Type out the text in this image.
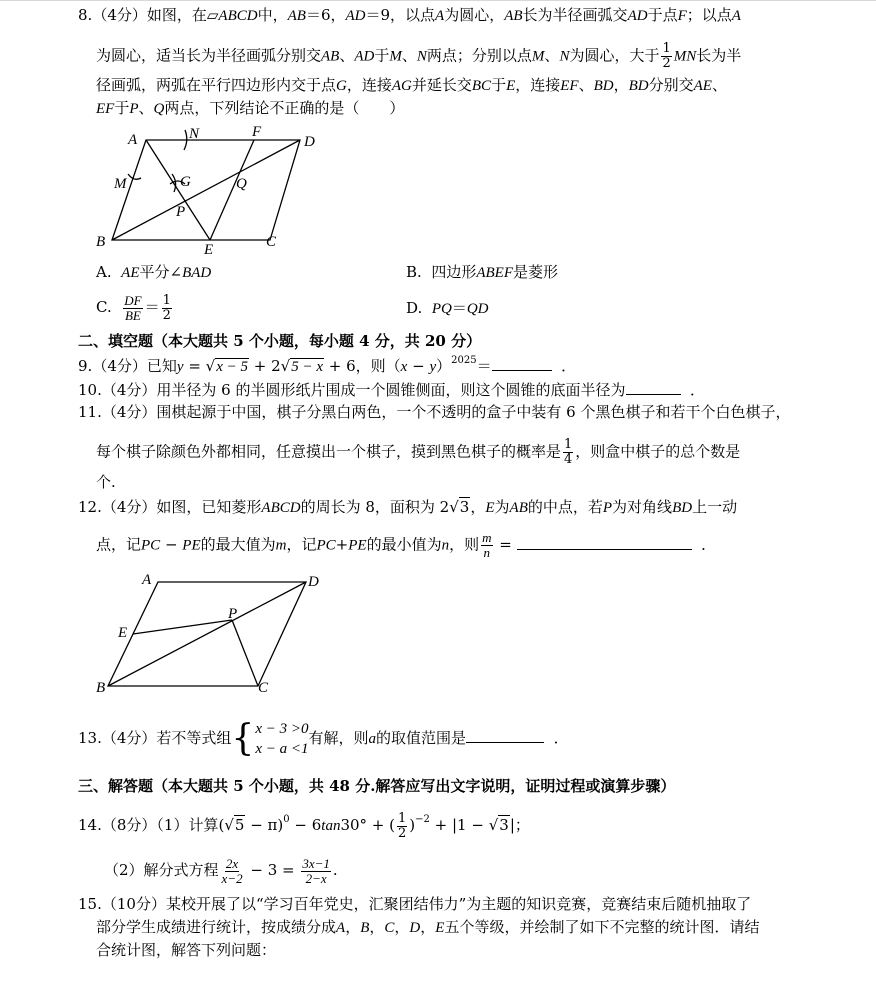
8.（4分）如图，在▱ABCD中，AB＝6，AD＝9，以点A为圆心，AB长为半径画弧交AD于点F；以点A
为圆心，适当长为半径画弧分别交AB、AD于M、N两点；分别以点M、N为圆心，大于 $\frac{1}{2}$ MN长为半
径画弧，两弧在平行四边形内交于点G，连接AG并延长交BC于E，连接EF、BD，BD分别交AE、
EF于P、Q两点，下列结论不正确的是（　　）
A	N	F
D
M	G	Q
P
B	E	C
A. AE平分∠BAD	B. 四边形ABEF是菱形
C. $\frac{DF}{BE} = \frac{1}{2}$	D. PQ＝QD
二、填空题（本大题共 5 个小题，每小题 4 分，共 20 分）
9.（4分）已知y = √x − 5 + 2√5 − x + 6，则$(x - y)^{2025}=$	．
10.（4分）用半径为 6 的半圆形纸片围成一个圆锥侧面，则这个圆锥的底面半径为	．
11.（4分）围棋起源于中国，棋子分黑白两色，一个不透明的盒子中装有 6 个黑色棋子和若干个白色棋子，
每个棋子除颜色外都相同，任意摸出一个棋子，摸到黑色棋子的概率是 $\frac{1}{4}$ ，则盒中棋子的总个数是
个.
12.（4分）如图，已知菱形ABCD的周长为 8，面积为 2√3，E为AB的中点，若P为对角线BD上一动
点，记PC − PE的最大值为m，记PC+PE的最小值为n，则 $\frac{m}{n}$ =	．
A	D
P
E
B	C
13.（4分）若不等式组 { x − 3 >0
x − a <1
有解，则a的取值范围是	．
三、解答题（本大题共 5 个小题，共 48 分.解答应写出文字说明，证明过程或演算步骤）
14.（8分）（1）计算$(√5 - \pi)^0 - 6\tan 30^\circ$ + ( $\frac{1}{2} )^{-2} + |1 - √3|$；
（2）解分式方程 $\frac{2x}{x-2} - 3 = \frac{3x-1}{2-x}$ .
15.（10分）某校开展了以“学习百年党史，汇聚团结伟力”为主题的知识竞赛，竞赛结束后随机抽取了
部分学生成绩进行统计，按成绩分成A，B，C，D，E五个等级，并绘制了如下不完整的统计图．请结
合统计图，解答下列问题：
